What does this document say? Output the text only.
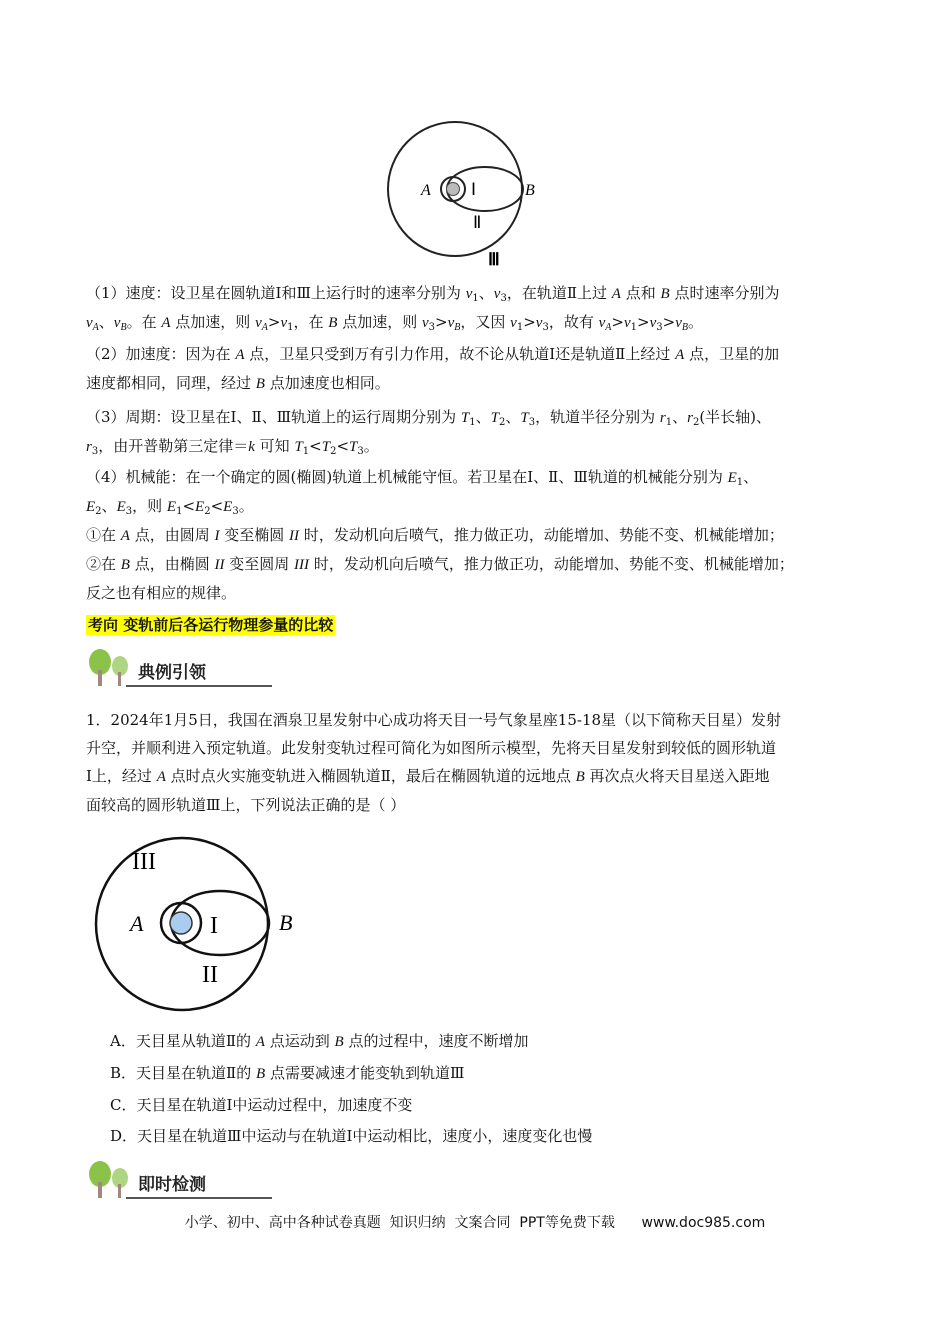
A Ⅰ	B
Ⅱ
Ⅲ
（1）速度：设卫星在圆轨道Ⅰ和Ⅲ上运行时的速率分别为 $v_1$、$v_3$，在轨道Ⅱ上过 A 点和 B 点时速率分别为
$v_A$、$v_B$。在 A 点加速，则 $v_A>v_1$，在 B 点加速，则 $v_3>v_B$，又因 $v_1>v_3$，故有 $v_A>v_1>v_3>v_B$。
（2）加速度：因为在 A 点，卫星只受到万有引力作用，故不论从轨道Ⅰ还是轨道Ⅱ上经过 A 点，卫星的加
速度都相同，同理，经过 B 点加速度也相同。
（3）周期：设卫星在Ⅰ、Ⅱ、Ⅲ轨道上的运行周期分别为 $T_1$、$T_2$、$T_3$，轨道半径分别为 $r_1$、$r_2$(半长轴)、
$r_3$，由开普勒第三定律＝k 可知 $T_1<T_2<T_3$。
（4）机械能：在一个确定的圆(椭圆)轨道上机械能守恒。若卫星在Ⅰ、Ⅱ、Ⅲ轨道的机械能分别为 $E_1$、
$E_2$、$E_3$，则 $E_1<E_2<E_3$。
①在 A 点，由圆周 I 变至椭圆 II 时，发动机向后喷气，推力做正功，动能增加、势能不变、机械能增加；
②在 B 点，由椭圆 II 变至圆周 III 时，发动机向后喷气，推力做正功，动能增加、势能不变、机械能增加；
反之也有相应的规律。
考向 变轨前后各运行物理参量的比较
典例引领
1．2024年1月5日，我国在酒泉卫星发射中心成功将天目一号气象星座15-18星（以下简称天目星）发射
升空，并顺利进入预定轨道。此发射变轨过程可简化为如图所示模型，先将天目星发射到较低的圆形轨道
Ⅰ上，经过 A 点时点火实施变轨进入椭圆轨道Ⅱ，最后在椭圆轨道的远地点 B 再次点火将天目星送入距地
面较高的圆形轨道Ⅲ上，下列说法正确的是（ ）
III
A	I	B
II
A．天目星从轨道Ⅱ的 A 点运动到 B 点的过程中，速度不断增加
B．天目星在轨道Ⅱ的 B 点需要减速才能变轨到轨道Ⅲ
C．天目星在轨道Ⅰ中运动过程中，加速度不变
D．天目星在轨道Ⅲ中运动与在轨道Ⅰ中运动相比，速度小，速度变化也慢
即时检测
小学、初中、高中各种试卷真题  知识归纳  文案合同  PPT等免费下载      www.doc985.com
